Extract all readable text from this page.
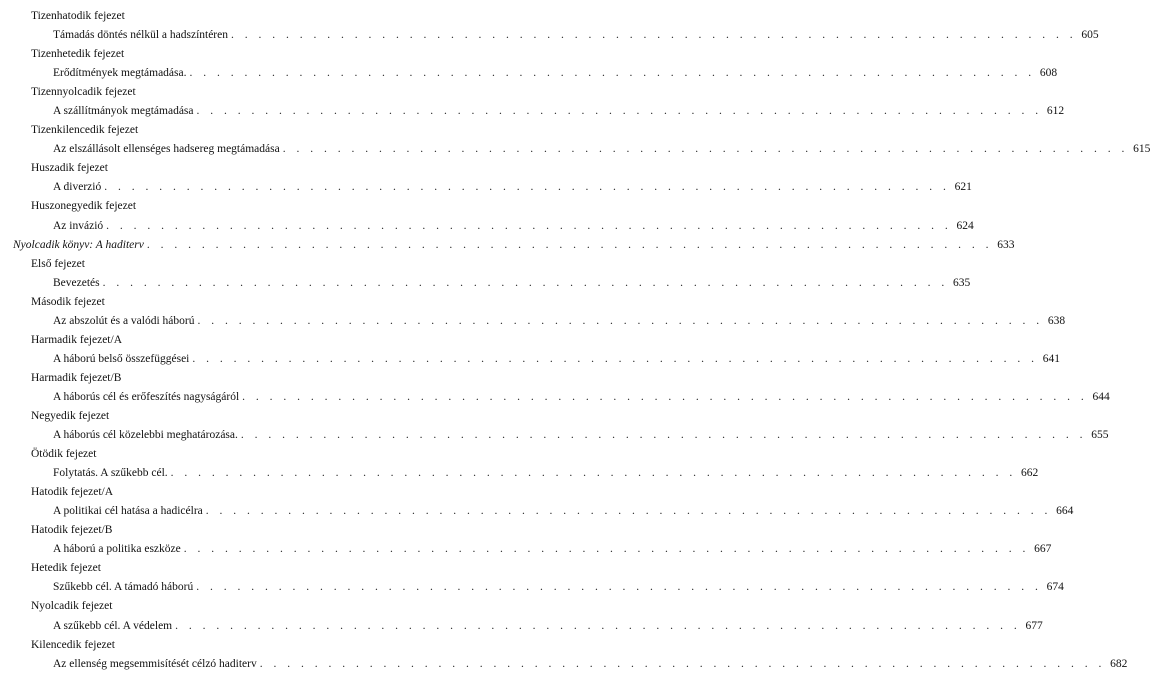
Tizenhatodik fejezet
Támadás döntés nélkül a hadszíntéren . . . . . . . . . . . . . . . . . . . . . . . . . . . . . . . . . . . . . . . . . . . . . . . . . . . . . . . . . . . . . . 605
Tizenhetedik fejezet
Erődítmények megtámadása. . . . . . . . . . . . . . . . . . . . . . . . . . . . . . . . . . . . . . . . . . . . . . . . . . . . . . . . . . . . . . . 608
Tizennyolcadik fejezet
A szállítmányok megtámadása . . . . . . . . . . . . . . . . . . . . . . . . . . . . . . . . . . . . . . . . . . . . . . . . . . . . . . . . . . . . . . 612
Tizenkilencedik fejezet
Az elszállásolt ellenséges hadsereg megtámadása . . . . . . . . . . . . . . . . . . . . . . . . . . . . . . . . . . . . . . . . . . . . . . . . . . . . . . . . . . . . . . 615
Huszadik fejezet
A diverzió . . . . . . . . . . . . . . . . . . . . . . . . . . . . . . . . . . . . . . . . . . . . . . . . . . . . . . . . . . . . . . 621
Huszonegyedik fejezet
Az invázió . . . . . . . . . . . . . . . . . . . . . . . . . . . . . . . . . . . . . . . . . . . . . . . . . . . . . . . . . . . . . . 624
Nyolcadik könyv: A haditerv . . . . . . . . . . . . . . . . . . . . . . . . . . . . . . . . . . . . . . . . . . . . . . . . . . . . . . . . . . . . . . 633
Első fejezet
Bevezetés . . . . . . . . . . . . . . . . . . . . . . . . . . . . . . . . . . . . . . . . . . . . . . . . . . . . . . . . . . . . . . 635
Második fejezet
Az abszolút és a valódi háború . . . . . . . . . . . . . . . . . . . . . . . . . . . . . . . . . . . . . . . . . . . . . . . . . . . . . . . . . . . . . . 638
Harmadik fejezet/A
A háború belső összefüggései . . . . . . . . . . . . . . . . . . . . . . . . . . . . . . . . . . . . . . . . . . . . . . . . . . . . . . . . . . . . . . 641
Harmadik fejezet/B
A háborús cél és erőfeszítés nagyságáról . . . . . . . . . . . . . . . . . . . . . . . . . . . . . . . . . . . . . . . . . . . . . . . . . . . . . . . . . . . . . . 644
Negyedik fejezet
A háborús cél közelebbi meghatározása. . . . . . . . . . . . . . . . . . . . . . . . . . . . . . . . . . . . . . . . . . . . . . . . . . . . . . . . . . . . . . . 655
Ötödik fejezet
Folytatás. A szűkebb cél. . . . . . . . . . . . . . . . . . . . . . . . . . . . . . . . . . . . . . . . . . . . . . . . . . . . . . . . . . . . . . . 662
Hatodik fejezet/A
A politikai cél hatása a hadicélra . . . . . . . . . . . . . . . . . . . . . . . . . . . . . . . . . . . . . . . . . . . . . . . . . . . . . . . . . . . . . . 664
Hatodik fejezet/B
A háború a politika eszköze . . . . . . . . . . . . . . . . . . . . . . . . . . . . . . . . . . . . . . . . . . . . . . . . . . . . . . . . . . . . . . 667
Hetedik fejezet
Szűkebb cél. A támadó háború . . . . . . . . . . . . . . . . . . . . . . . . . . . . . . . . . . . . . . . . . . . . . . . . . . . . . . . . . . . . . . 674
Nyolcadik fejezet
A szűkebb cél. A védelem . . . . . . . . . . . . . . . . . . . . . . . . . . . . . . . . . . . . . . . . . . . . . . . . . . . . . . . . . . . . . . 677
Kilencedik fejezet
Az ellenség megsemmisítését célzó haditerv . . . . . . . . . . . . . . . . . . . . . . . . . . . . . . . . . . . . . . . . . . . . . . . . . . . . . . . . . . . . . . 682
